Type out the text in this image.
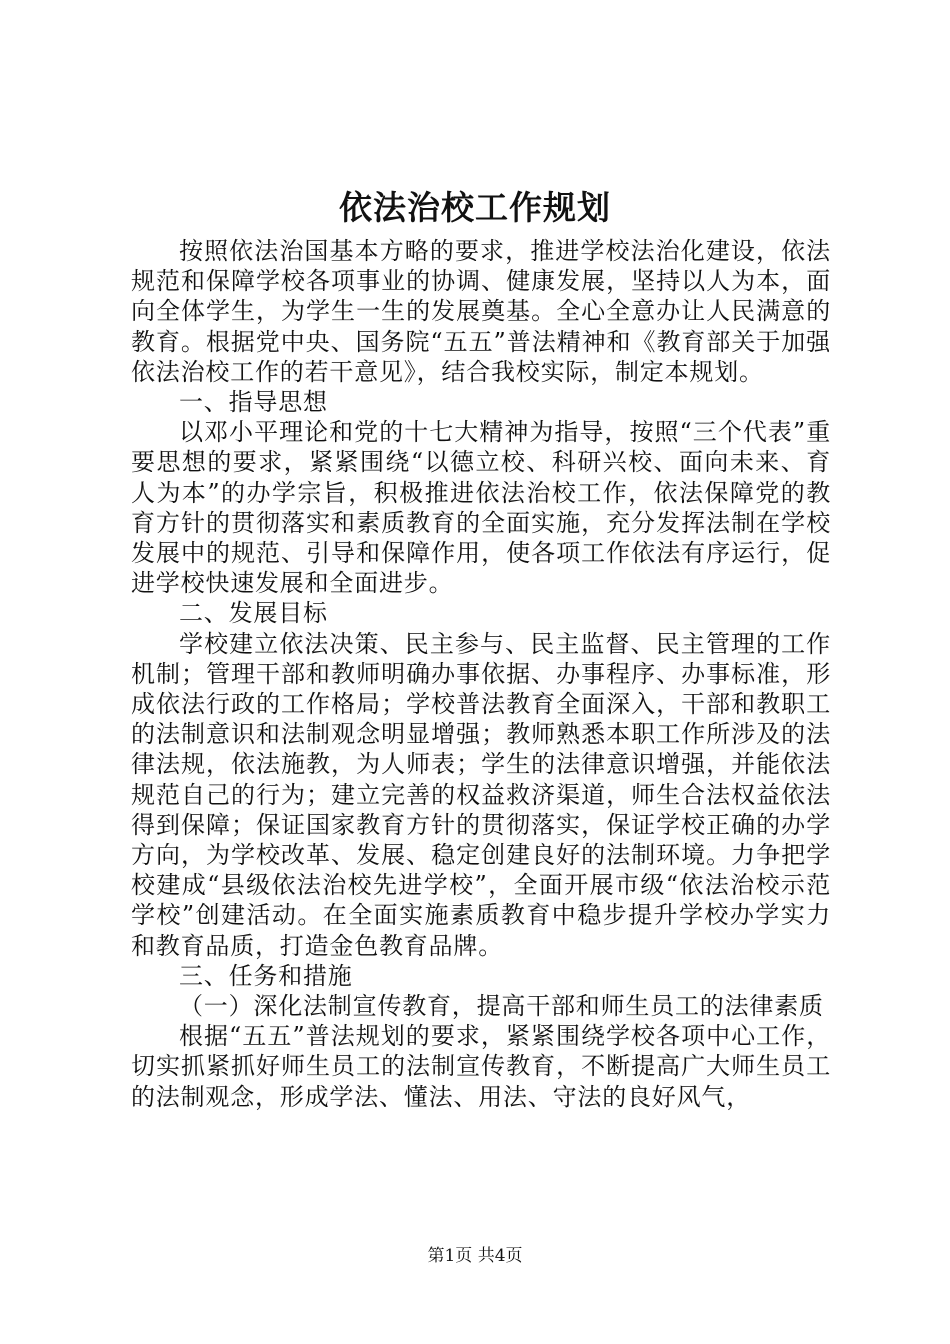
依法治校工作规划

按照依法治国基本方略的要求，推进学校法治化建设，依法规范和保障学校各项事业的协调、健康发展，坚持以人为本，面向全体学生，为学生一生的发展奠基。全心全意办让人民满意的教育。根据党中央、国务院“五五”普法精神和《教育部关于加强依法治校工作的若干意见》，结合我校实际，制定本规划。

一、指导思想

以邓小平理论和党的十七大精神为指导，按照“三个代表”重要思想的要求，紧紧围绕“以德立校、科研兴校、面向未来、育人为本”的办学宗旨，积极推进依法治校工作，依法保障党的教育方针的贯彻落实和素质教育的全面实施，充分发挥法制在学校发展中的规范、引导和保障作用，使各项工作依法有序运行，促进学校快速发展和全面进步。

二、发展目标

学校建立依法决策、民主参与、民主监督、民主管理的工作机制；管理干部和教师明确办事依据、办事程序、办事标准，形成依法行政的工作格局；学校普法教育全面深入，干部和教职工的法制意识和法制观念明显增强；教师熟悉本职工作所涉及的法律法规，依法施教，为人师表；学生的法律意识增强，并能依法规范自己的行为；建立完善的权益救济渠道，师生合法权益依法得到保障；保证国家教育方针的贯彻落实，保证学校正确的办学方向，为学校改革、发展、稳定创建良好的法制环境。力争把学校建成“县级依法治校先进学校”，全面开展市级“依法治校示范学校”创建活动。在全面实施素质教育中稳步提升学校办学实力和教育品质，打造金色教育品牌。

三、任务和措施

（一）深化法制宣传教育，提高干部和师生员工的法律素质

根据“五五”普法规划的要求，紧紧围绕学校各项中心工作，切实抓紧抓好师生员工的法制宣传教育，不断提高广大师生员工的法制观念，形成学法、懂法、用法、守法的良好风气，

第1页 共4页
